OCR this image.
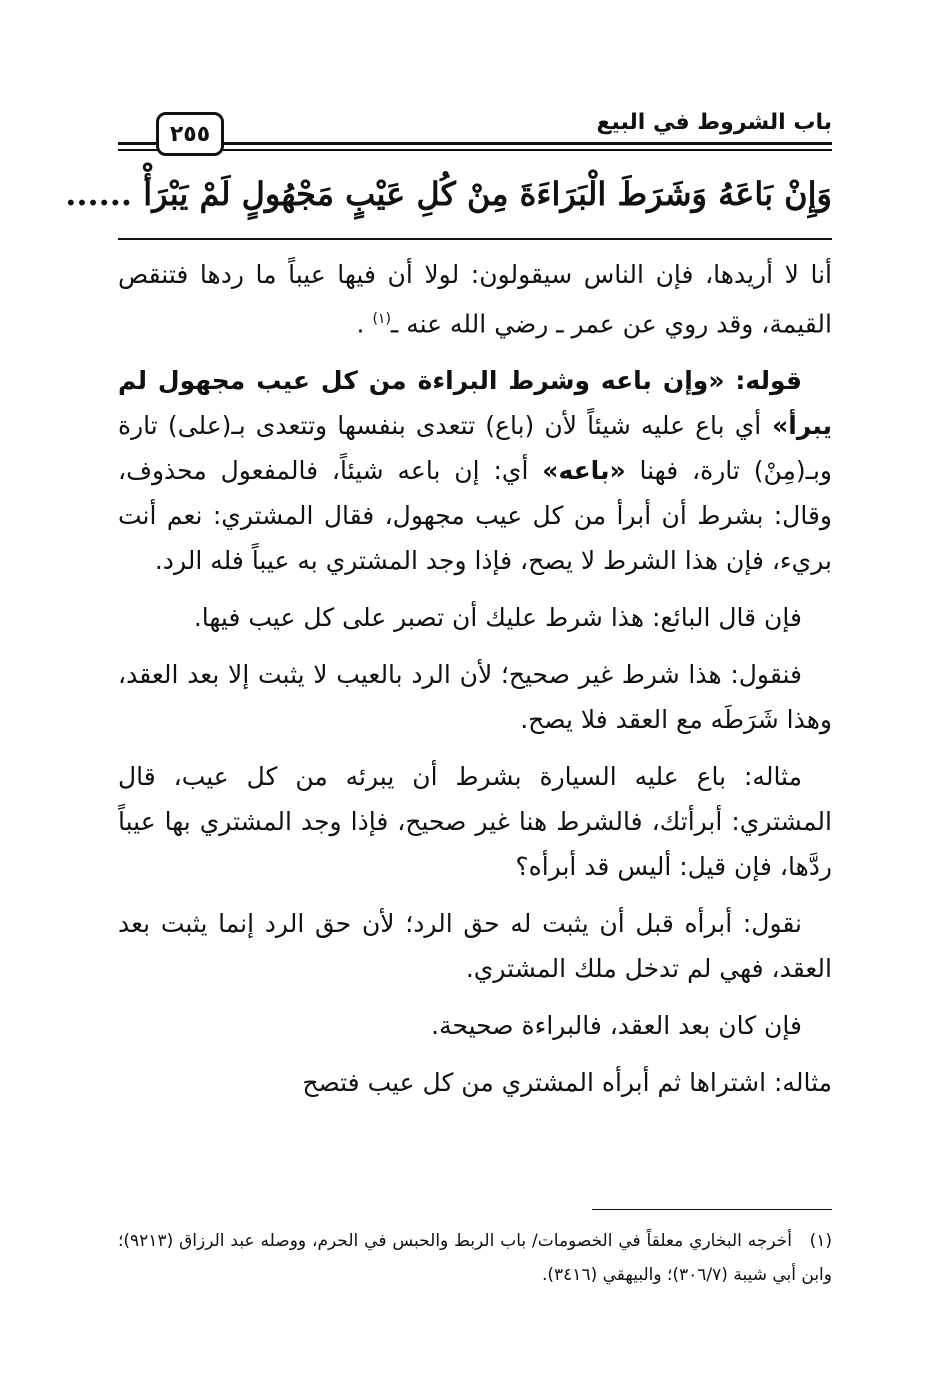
٢٥٥	باب الشروط في البيع
وَإِنْ بَاعَهُ وَشَرَطَ الْبَرَاءَةَ مِنْ كُلِ عَيْبٍ مَجْهُولٍ لَمْ يَبْرَأْ ......

أنا لا أريدها، فإن الناس سيقولون: لولا أن فيها عيباً ما ردها فتنقص القيمة، وقد روي عن عمر ـ رضي الله عنه ـ$^{(١)}$ .

قوله: «وإن باعه وشرط البراءة من كل عيب مجهول لم يبرأ» أي باع عليه شيئاً لأن (باع) تتعدى بنفسها وتتعدى بـ(على) تارة وبـ(مِنْ) تارة، فهنا «باعه» أي: إن باعه شيئاً، فالمفعول محذوف، وقال: بشرط أن أبرأ من كل عيب مجهول، فقال المشتري: نعم أنت بريء، فإن هذا الشرط لا يصح، فإذا وجد المشتري به عيباً فله الرد.

فإن قال البائع: هذا شرط عليك أن تصبر على كل عيب فيها.

فنقول: هذا شرط غير صحيح؛ لأن الرد بالعيب لا يثبت إلا بعد العقد، وهذا شَرَطَه مع العقد فلا يصح.

مثاله: باع عليه السيارة بشرط أن يبرئه من كل عيب، قال المشتري: أبرأتك، فالشرط هنا غير صحيح، فإذا وجد المشتري بها عيباً ردَّها، فإن قيل: أليس قد أبرأه؟

نقول: أبرأه قبل أن يثبت له حق الرد؛ لأن حق الرد إنما يثبت بعد العقد، فهي لم تدخل ملك المشتري.

فإن كان بعد العقد، فالبراءة صحيحة.

مثاله: اشتراها ثم أبرأه المشتري من كل عيب فتصح

(١)أخرجه البخاري معلقاً في الخصومات/ باب الربط والحبس في الحرم، ووصله عبد الرزاق (٩٢١٣)؛ وابن أبي شيبة (٣٠٦/٧)؛ والبيهقي (٣٤١٦).
